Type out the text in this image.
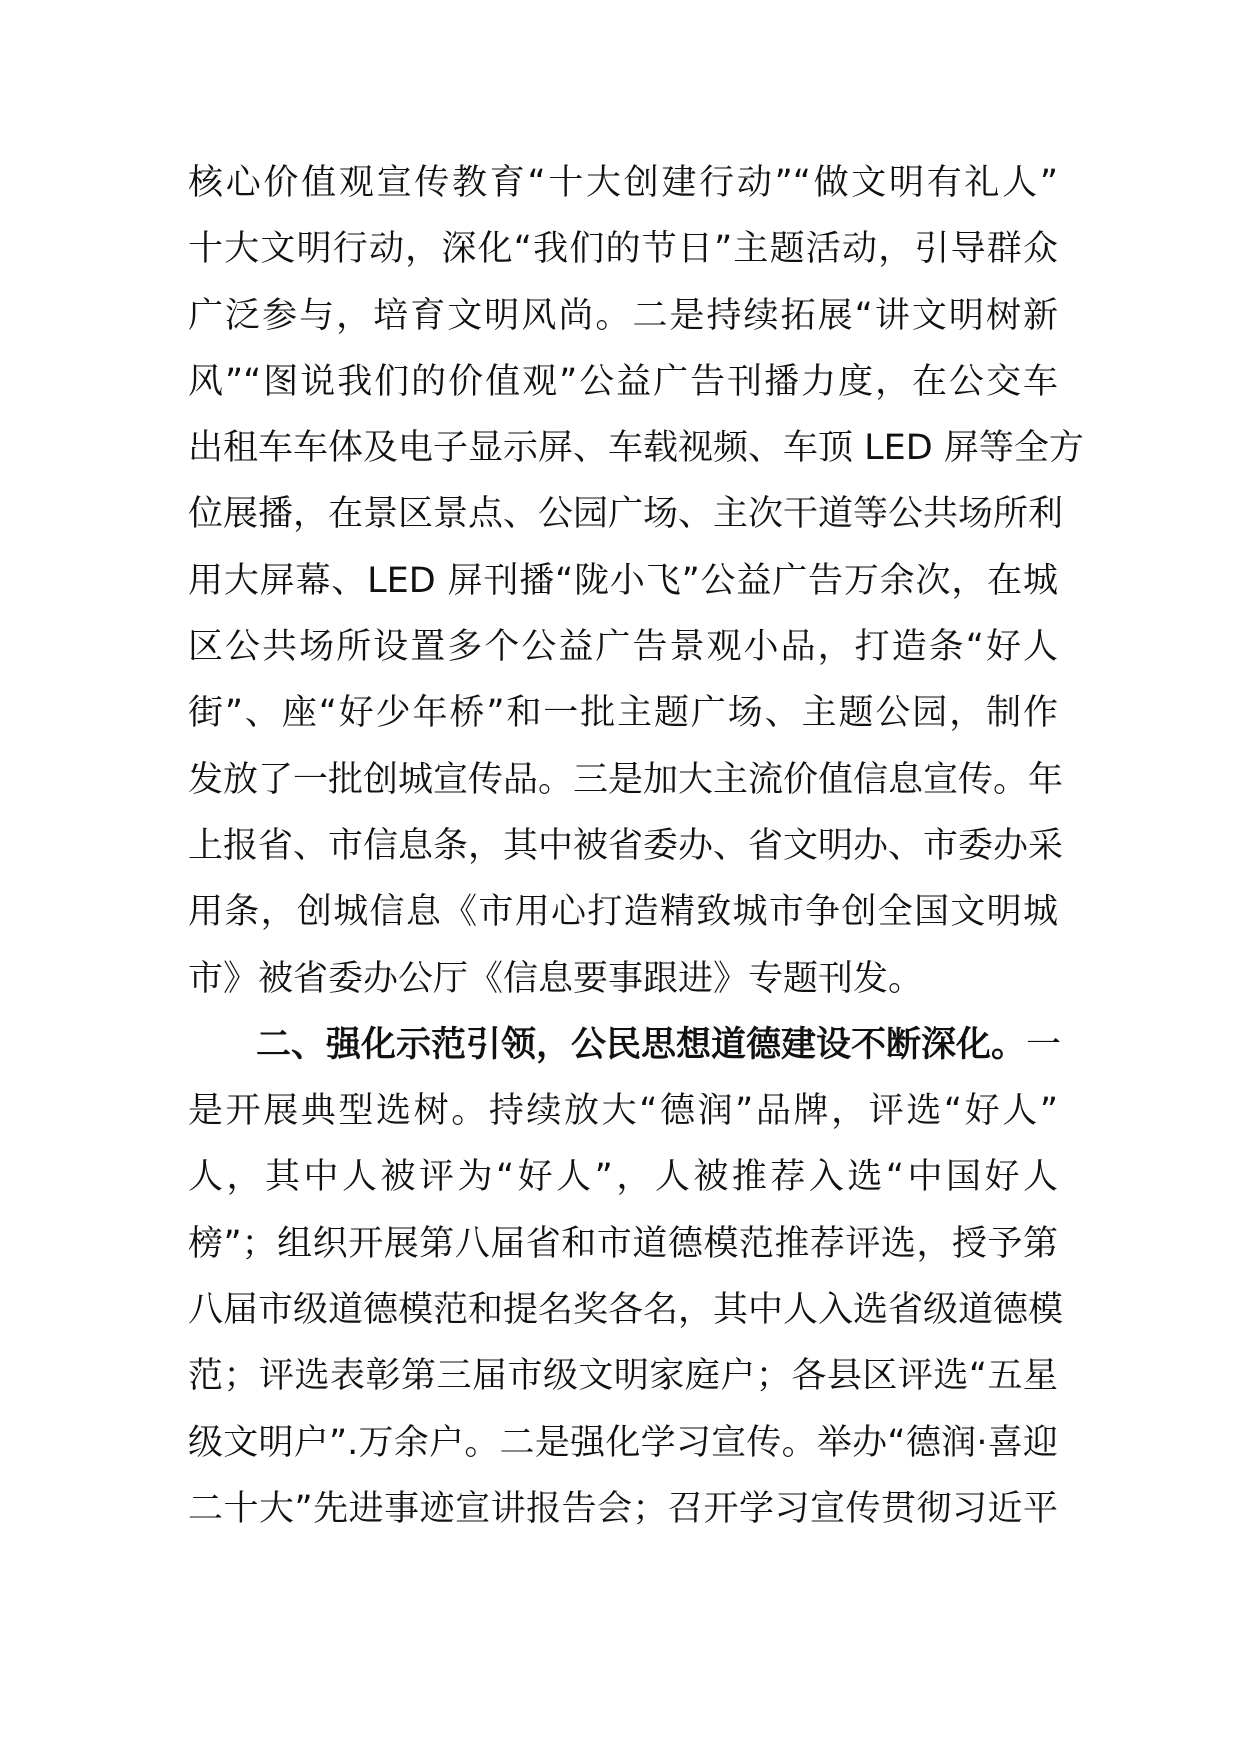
核心价值观宣传教育“十大创建行动”“做文明有礼人”
十大文明行动，深化“我们的节日”主题活动，引导群众
广泛参与，培育文明风尚。二是持续拓展“讲文明树新
风”“图说我们的价值观”公益广告刊播力度，在公交车
出租车车体及电子显示屏、车载视频、车顶 LED 屏等全方
位展播，在景区景点、公园广场、主次干道等公共场所利
用大屏幕、LED 屏刊播“陇小飞”公益广告万余次，在城
区公共场所设置多个公益广告景观小品，打造条“好人
街”、座“好少年桥”和一批主题广场、主题公园，制作
发放了一批创城宣传品。三是加大主流价值信息宣传。年
上报省、市信息条，其中被省委办、省文明办、市委办采
用条，创城信息《市用心打造精致城市争创全国文明城
市》被省委办公厅《信息要事跟进》专题刊发。
二、强化示范引领，公民思想道德建设不断深化。一
是开展典型选树。持续放大“德润”品牌，评选“好人”
人，其中人被评为“好人”，人被推荐入选“中国好人
榜”；组织开展第八届省和市道德模范推荐评选，授予第
八届市级道德模范和提名奖各名，其中人入选省级道德模
范；评选表彰第三届市级文明家庭户；各县区评选“五星
级文明户”.万余户。二是强化学习宣传。举办“德润·喜迎
二十大”先进事迹宣讲报告会；召开学习宣传贯彻习近平
